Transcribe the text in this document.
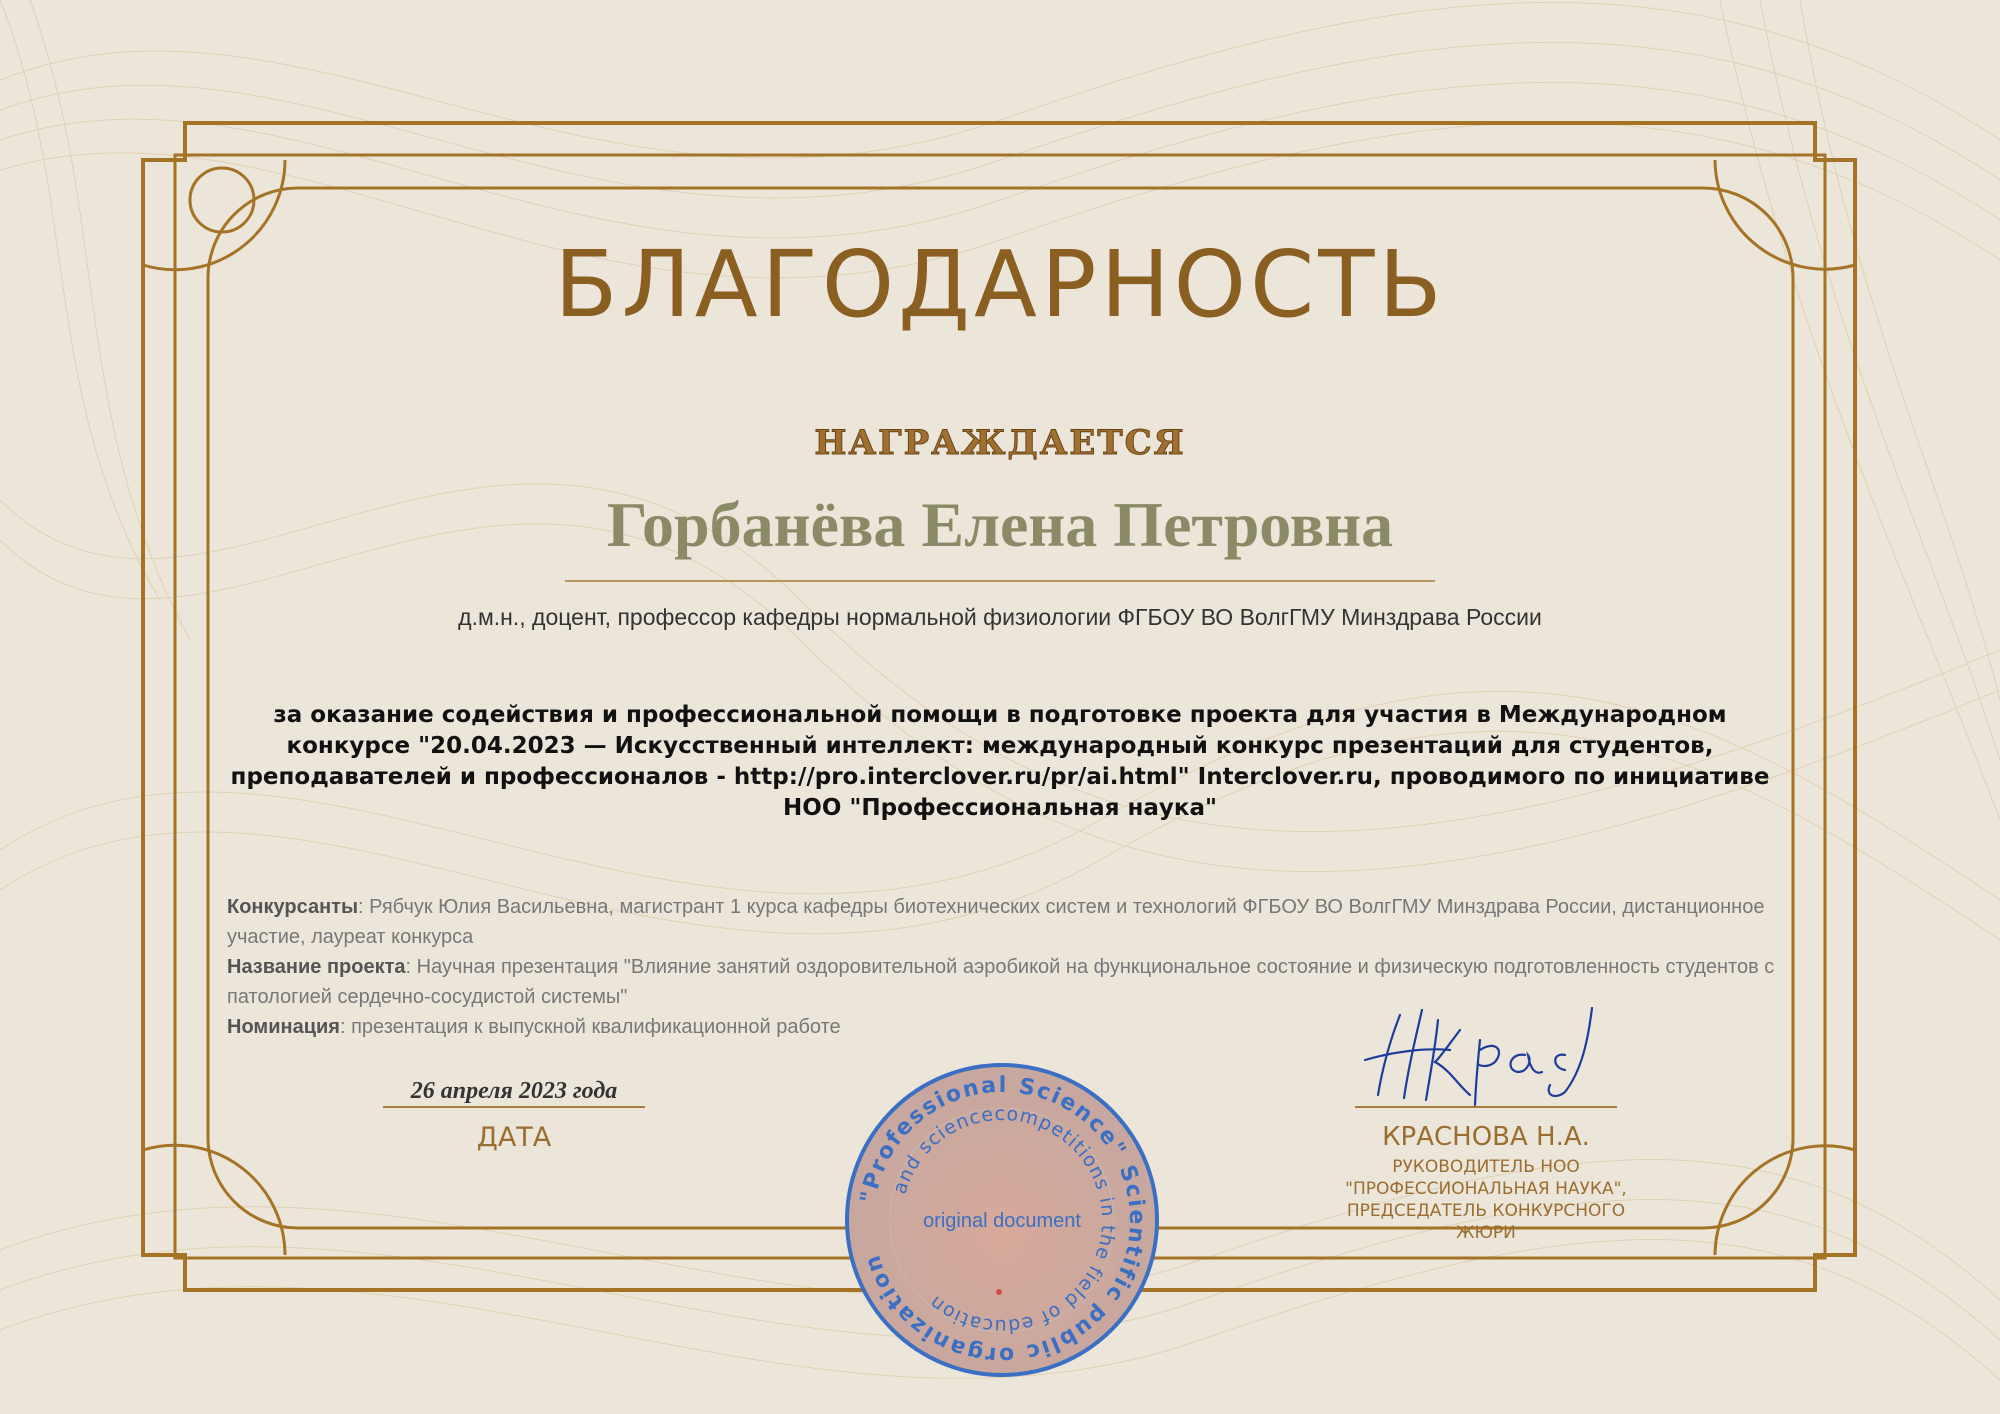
БЛАГОДАРНОСТЬ
НАГРАЖДАЕТСЯ
Горбанёва Елена Петровна
д.м.н., доцент, профессор кафедры нормальной физиологии ФГБОУ ВО ВолгГМУ Минздрава России
за оказание содействия и профессиональной помощи в подготовке проекта для участия в Международном конкурсе "20.04.2023 — Искусственный интеллект: международный конкурс презентаций для студентов, преподавателей и профессионалов - http://pro.interclover.ru/pr/ai.html" Interclover.ru, проводимого по инициативе НОО "Профессиональная наука"
Конкурсанты: Рябчук Юлия Васильевна, магистрант 1 курса кафедры биотехнических систем и технологий ФГБОУ ВО ВолгГМУ Минздрава России, дистанционное участие, лауреат конкурса
Название проекта: Научная презентация "Влияние занятий оздоровительной аэробикой на функциональное состояние и физическую подготовленность студентов с патологией сердечно-сосудистой системы"
Номинация: презентация к выпускной квалификационной работе
26 апреля 2023 года
ДАТА	КРАСНОВА Н.А.
РУКОВОДИТЕЛЬ НОО "ПРОФЕССИОНАЛЬНАЯ НАУКА", ПРЕДСЕДАТЕЛЬ КОНКУРСНОГО ЖЮРИ
"Professional Science" Scientific public organization
and sciencecompetitions in the field of education
original document
